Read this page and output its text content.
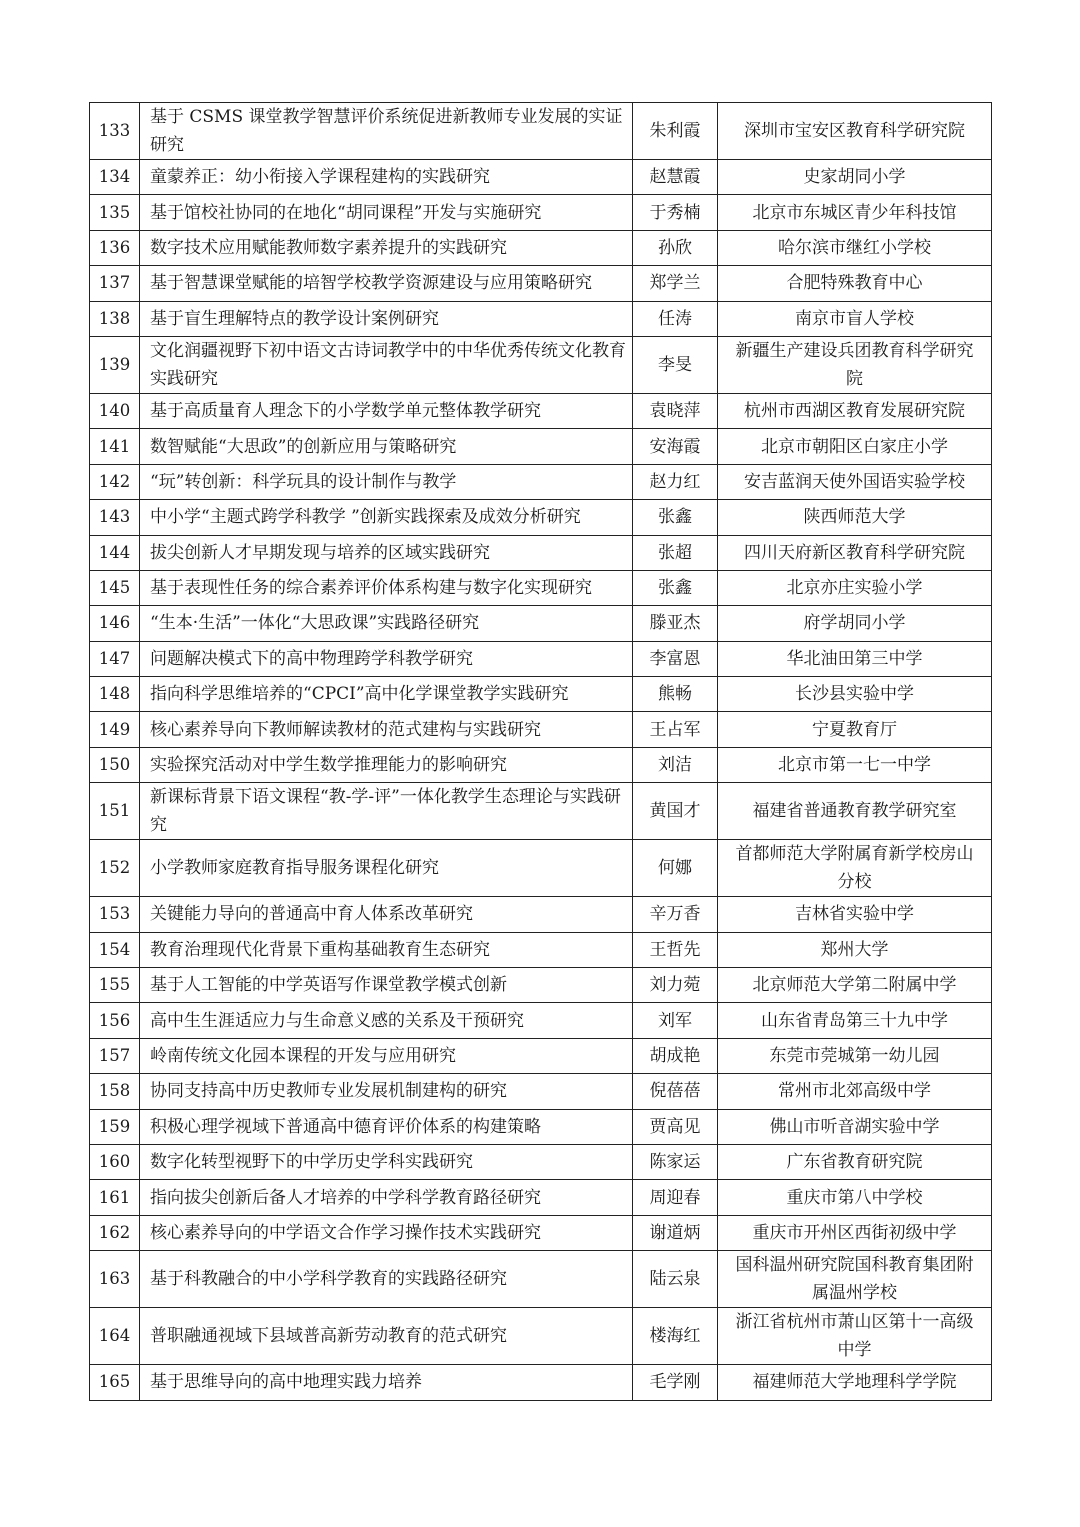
133	基于 CSMS 课堂教学智慧评价系统促进新教师专业发展的实证研究	朱利霞	深圳市宝安区教育科学研究院
134	童蒙养正：幼小衔接入学课程建构的实践研究	赵慧霞	史家胡同小学
135	基于馆校社协同的在地化“胡同课程”开发与实施研究	于秀楠	北京市东城区青少年科技馆
136	数字技术应用赋能教师数字素养提升的实践研究	孙欣	哈尔滨市继红小学校
137	基于智慧课堂赋能的培智学校教学资源建设与应用策略研究	郑学兰	合肥特殊教育中心
138	基于盲生理解特点的教学设计案例研究	任涛	南京市盲人学校
139	文化润疆视野下初中语文古诗词教学中的中华优秀传统文化教育实践研究	李旻	新疆生产建设兵团教育科学研究院
140	基于高质量育人理念下的小学数学单元整体教学研究	袁晓萍	杭州市西湖区教育发展研究院
141	数智赋能“大思政”的创新应用与策略研究	安海霞	北京市朝阳区白家庄小学
142	“玩”转创新：科学玩具的设计制作与教学	赵力红	安吉蓝润天使外国语实验学校
143	中小学“主题式跨学科教学 ”创新实践探索及成效分析研究	张鑫	陕西师范大学
144	拔尖创新人才早期发现与培养的区域实践研究	张超	四川天府新区教育科学研究院
145	基于表现性任务的综合素养评价体系构建与数字化实现研究	张鑫	北京亦庄实验小学
146	“生本·生活”一体化“大思政课”实践路径研究	滕亚杰	府学胡同小学
147	问题解决模式下的高中物理跨学科教学研究	李富恩	华北油田第三中学
148	指向科学思维培养的“CPCI”高中化学课堂教学实践研究	熊畅	长沙县实验中学
149	核心素养导向下教师解读教材的范式建构与实践研究	王占军	宁夏教育厅
150	实验探究活动对中学生数学推理能力的影响研究	刘洁	北京市第一七一中学
151	新课标背景下语文课程“教-学-评”一体化教学生态理论与实践研究	黄国才	福建省普通教育教学研究室
152	小学教师家庭教育指导服务课程化研究	何娜	首都师范大学附属育新学校房山分校
153	关键能力导向的普通高中育人体系改革研究	辛万香	吉林省实验中学
154	教育治理现代化背景下重构基础教育生态研究	王哲先	郑州大学
155	基于人工智能的中学英语写作课堂教学模式创新	刘力菀	北京师范大学第二附属中学
156	高中生生涯适应力与生命意义感的关系及干预研究	刘军	山东省青岛第三十九中学
157	岭南传统文化园本课程的开发与应用研究	胡成艳	东莞市莞城第一幼儿园
158	协同支持高中历史教师专业发展机制建构的研究	倪蓓蓓	常州市北郊高级中学
159	积极心理学视域下普通高中德育评价体系的构建策略	贾高见	佛山市听音湖实验中学
160	数字化转型视野下的中学历史学科实践研究	陈家运	广东省教育研究院
161	指向拔尖创新后备人才培养的中学科学教育路径研究	周迎春	重庆市第八中学校
162	核心素养导向的中学语文合作学习操作技术实践研究	谢道炳	重庆市开州区西街初级中学
163	基于科教融合的中小学科学教育的实践路径研究	陆云泉	国科温州研究院国科教育集团附属温州学校
164	普职融通视域下县域普高新劳动教育的范式研究	楼海红	浙江省杭州市萧山区第十一高级中学
165	基于思维导向的高中地理实践力培养	毛学刚	福建师范大学地理科学学院
